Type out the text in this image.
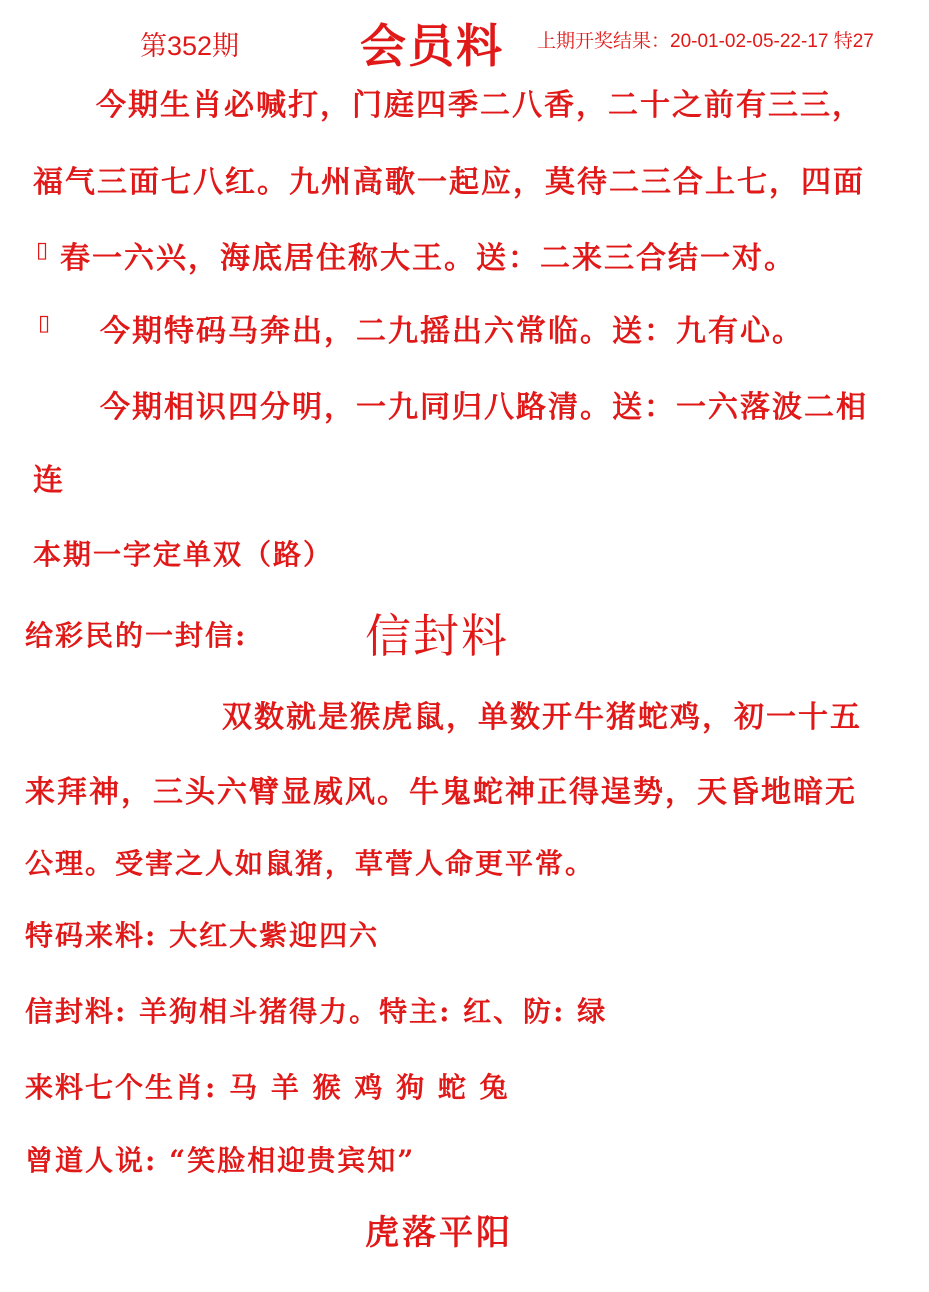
第352期	会员料 上期开奖结果：20-01-02-05-22-17 特27
今期生肖必喊打，门庭四季二八香，二十之前有三三，
福气三面七八红。九州高歌一起应，莫待二三合上七，四面
▯ 春一六兴，海底居住称大王。送：二来三合结一对。
▯ 今期特码马奔出，二九摇出六常临。送：九有心。
今期相识四分明，一九同归八路清。送：一六落波二相
连
本期一字定单双（路）
给彩民的一封信:	信封料
双数就是猴虎鼠，单数开牛猪蛇鸡，初一十五
来拜神，三头六臂显威风。牛鬼蛇神正得逞势，天昏地暗无
公理。受害之人如鼠猪，草菅人命更平常。
特码来料: 大红大紫迎四六
信封料: 羊狗相斗猪得力。特主: 红、防: 绿
来料七个生肖: 马 羊 猴 鸡 狗 蛇 兔
曾道人说: “笑脸相迎贵宾知”
虎落平阳
